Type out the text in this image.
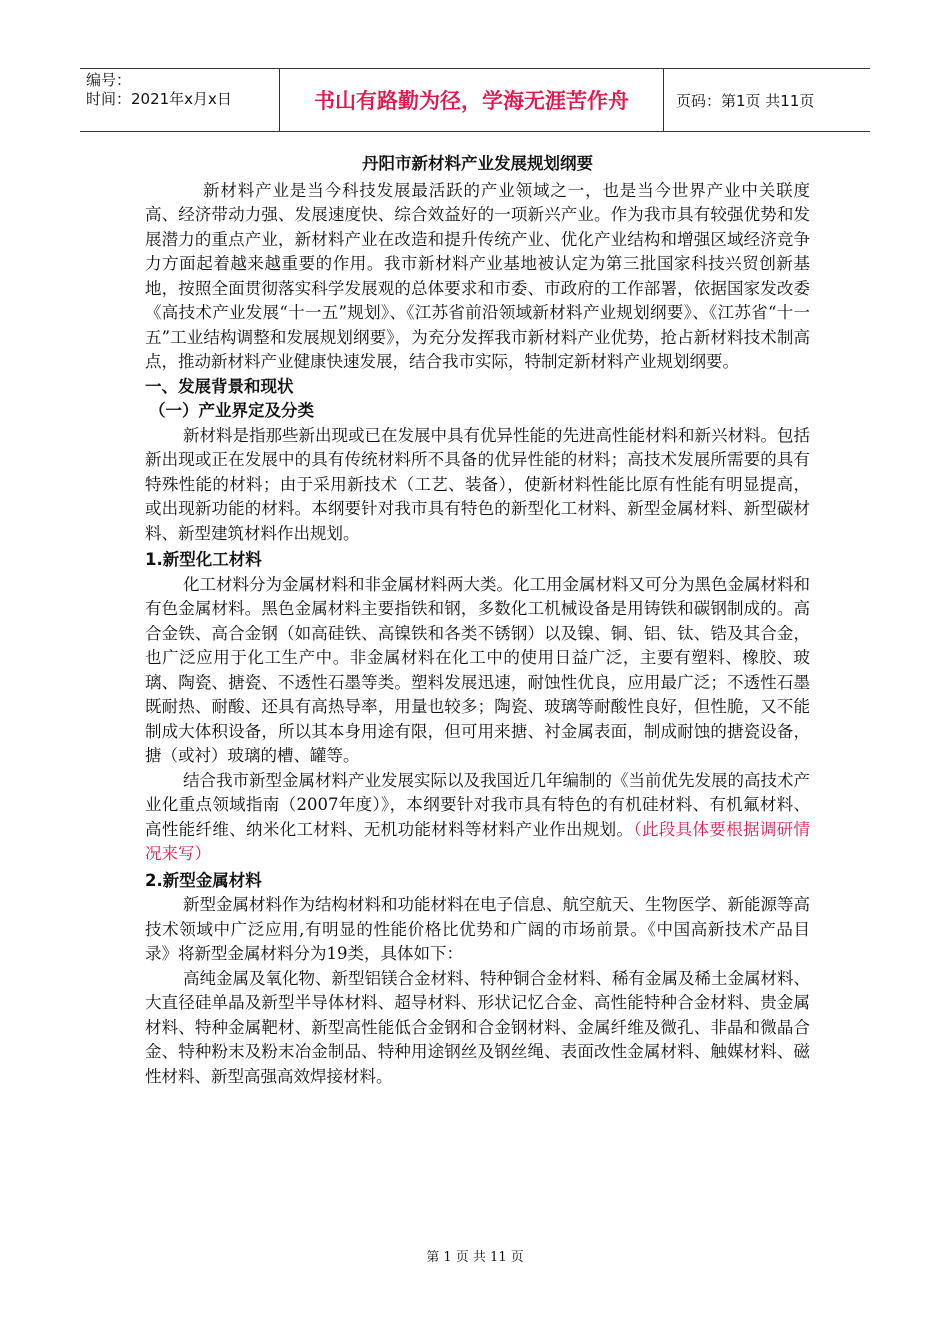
编号：
时间：2021年x月x日	书山有路勤为径，学海无涯苦作舟	页码：第1页 共11页
丹阳市新材料产业发展规划纲要

新材料产业是当今科技发展最活跃的产业领域之一，也是当今世界产业中关联度高、经济带动力强、发展速度快、综合效益好的一项新兴产业。作为我市具有较强优势和发展潜力的重点产业，新材料产业在改造和提升传统产业、优化产业结构和增强区域经济竞争力方面起着越来越重要的作用。我市新材料产业基地被认定为第三批国家科技兴贸创新基地，按照全面贯彻落实科学发展观的总体要求和市委、市政府的工作部署，依据国家发改委《高技术产业发展“十一五”规划》、《江苏省前沿领域新材料产业规划纲要》、《江苏省“十一五”工业结构调整和发展规划纲要》，为充分发挥我市新材料产业优势，抢占新材料技术制高点，推动新材料产业健康快速发展，结合我市实际，特制定新材料产业规划纲要。

一、发展背景和现状
（一）产业界定及分类

新材料是指那些新出现或已在发展中具有优异性能的先进高性能材料和新兴材料。包括新出现或正在发展中的具有传统材料所不具备的优异性能的材料；高技术发展所需要的具有特殊性能的材料；由于采用新技术（工艺、装备），使新材料性能比原有性能有明显提高，或出现新功能的材料。本纲要针对我市具有特色的新型化工材料、新型金属材料、新型碳材料、新型建筑材料作出规划。

1.新型化工材料

化工材料分为金属材料和非金属材料两大类。化工用金属材料又可分为黑色金属材料和有色金属材料。黑色金属材料主要指铁和钢，多数化工机械设备是用铸铁和碳钢制成的。高合金铁、高合金钢（如高硅铁、高镍铁和各类不锈钢）以及镍、铜、铝、钛、锆及其合金，也广泛应用于化工生产中。非金属材料在化工中的使用日益广泛，主要有塑料、橡胶、玻璃、陶瓷、搪瓷、不透性石墨等类。塑料发展迅速，耐蚀性优良，应用最广泛；不透性石墨既耐热、耐酸、还具有高热导率，用量也较多；陶瓷、玻璃等耐酸性良好，但性脆，又不能制成大体积设备，所以其本身用途有限，但可用来搪、衬金属表面，制成耐蚀的搪瓷设备，搪（或衬）玻璃的槽、罐等。

结合我市新型金属材料产业发展实际以及我国近几年编制的《当前优先发展的高技术产业化重点领域指南（2007年度）》，本纲要针对我市具有特色的有机硅材料、有机氟材料、高性能纤维、纳米化工材料、无机功能材料等材料产业作出规划。（此段具体要根据调研情况来写）

2.新型金属材料

新型金属材料作为结构材料和功能材料在电子信息、航空航天、生物医学、新能源等高技术领域中广泛应用,有明显的性能价格比优势和广阔的市场前景。《中国高新技术产品目录》将新型金属材料分为19类，具体如下：

高纯金属及氧化物、新型铝镁合金材料、特种铜合金材料、稀有金属及稀土金属材料、大直径硅单晶及新型半导体材料、超导材料、形状记忆合金、高性能特种合金材料、贵金属材料、特种金属靶材、新型高性能低合金钢和合金钢材料、金属纤维及微孔、非晶和微晶合金、特种粉末及粉末冶金制品、特种用途钢丝及钢丝绳、表面改性金属材料、触媒材料、磁性材料、新型高强高效焊接材料。

第 1 页 共 11 页
